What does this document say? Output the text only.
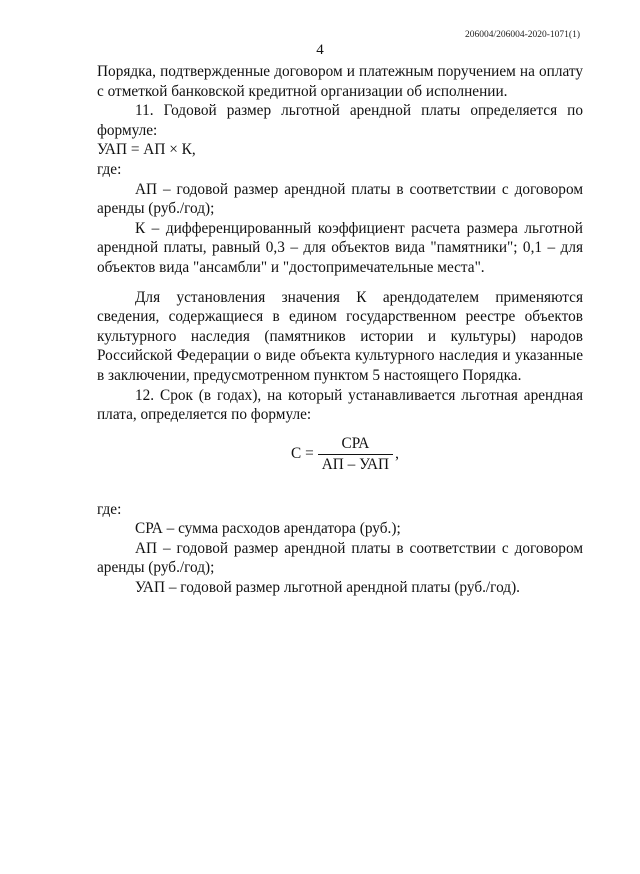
206004/206004-2020-1071(1)
4

Порядка, подтвержденные договором и платежным поручением на оплату с отметкой банковской кредитной организации об исполнении.

11. Годовой размер льготной арендной платы определяется по формуле:

УАП = АП × К,

где:

АП – годовой размер арендной платы в соответствии с договором аренды (руб./год);

К – дифференцированный коэффициент расчета размера льготной арендной платы, равный 0,3 – для объектов вида "памятники"; 0,1 – для объектов вида "ансамбли" и "достопримечательные места".

Для установления значения К арендодателем применяются сведения, содержащиеся в едином государственном реестре объектов культурного наследия (памятников истории и культуры) народов Российской Федерации о виде объекта культурного наследия и указанные в заключении, предусмотренном пунктом 5 настоящего Порядка.

12. Срок (в годах), на который устанавливается льготная арендная плата, определяется по формуле:

$С = \frac{\text{СРА}}{\text{АП – УАП}}$ ,

где:

СРА – сумма расходов арендатора (руб.);

АП – годовой размер арендной платы в соответствии с договором аренды (руб./год);

УАП – годовой размер льготной арендной платы (руб./год).
